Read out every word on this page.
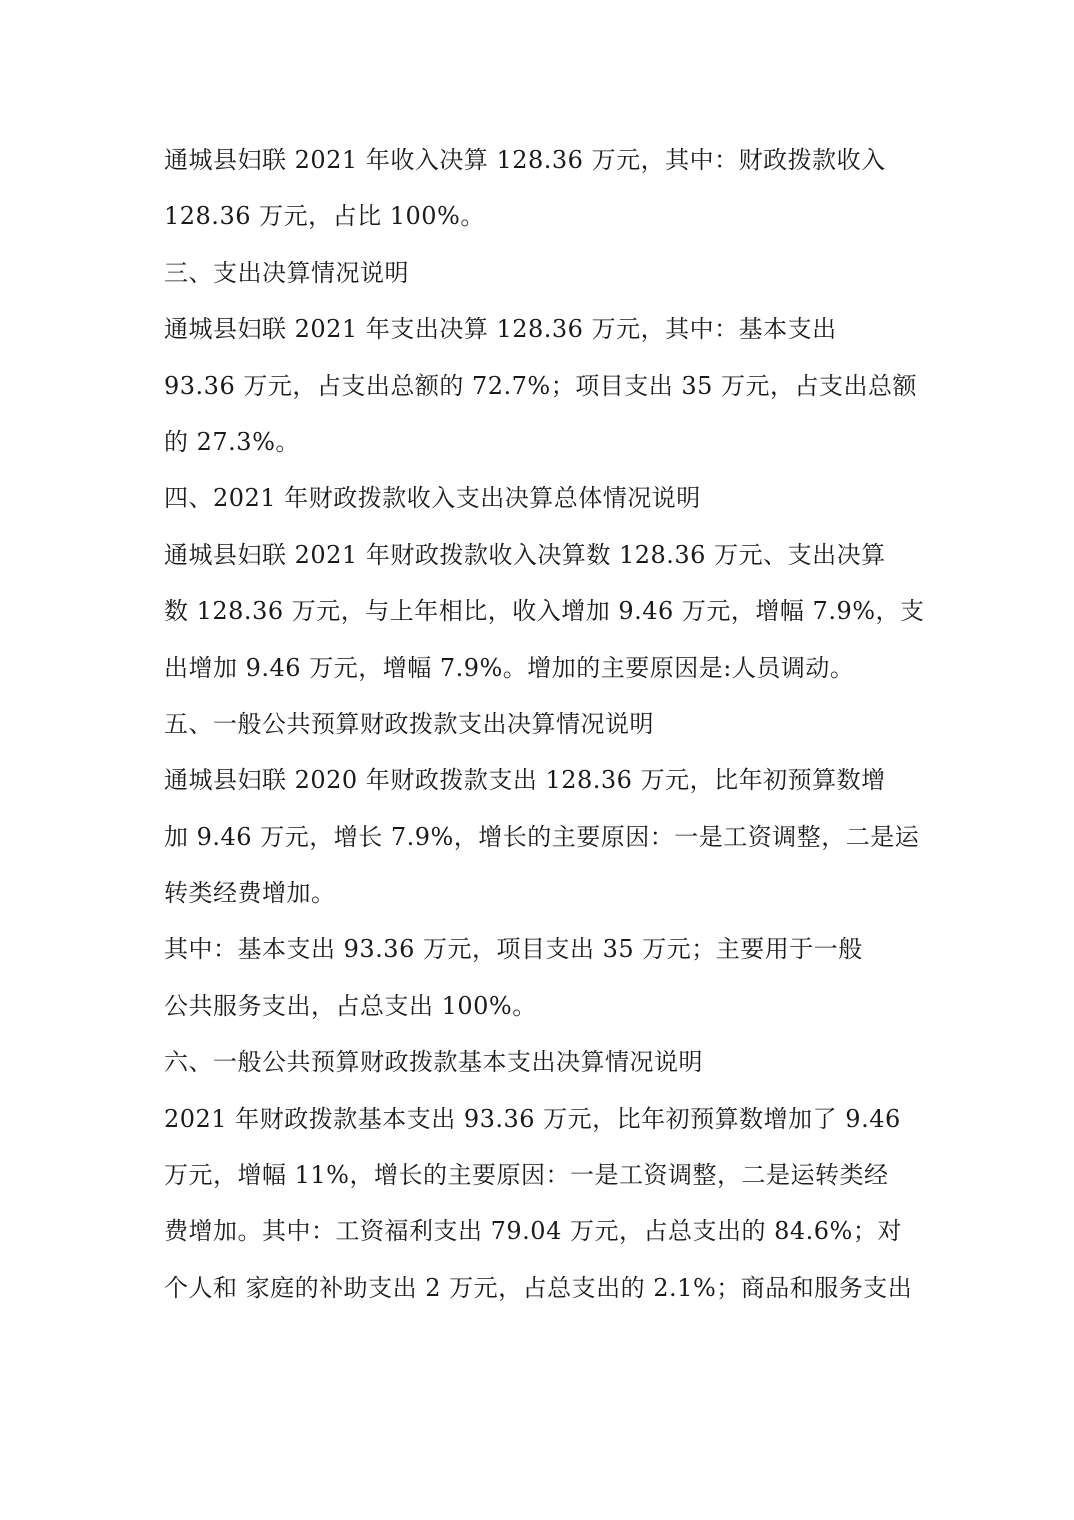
通城县妇联 2021 年收入决算 128.36 万元，其中：财政拨款收入
128.36 万元，占比 100%。
三、支出决算情况说明
通城县妇联 2021 年支出决算 128.36 万元，其中：基本支出
93.36 万元，占支出总额的 72.7%；项目支出 35 万元，占支出总额
的 27.3%。
四、2021 年财政拨款收入支出决算总体情况说明
通城县妇联 2021 年财政拨款收入决算数 128.36 万元、支出决算
数 128.36 万元，与上年相比，收入增加 9.46 万元，增幅 7.9%，支
出增加 9.46 万元，增幅 7.9%。增加的主要原因是:人员调动。
五、一般公共预算财政拨款支出决算情况说明
通城县妇联 2020 年财政拨款支出 128.36 万元，比年初预算数增
加 9.46 万元，增长 7.9%，增长的主要原因：一是工资调整，二是运
转类经费增加。
其中：基本支出 93.36 万元，项目支出 35 万元；主要用于一般
公共服务支出，占总支出 100%。
六、一般公共预算财政拨款基本支出决算情况说明
2021 年财政拨款基本支出 93.36 万元，比年初预算数增加了 9.46
万元，增幅 11%，增长的主要原因：一是工资调整，二是运转类经
费增加。其中：工资福利支出 79.04 万元，占总支出的 84.6%；对
个人和 家庭的补助支出 2 万元，占总支出的 2.1%；商品和服务支出
